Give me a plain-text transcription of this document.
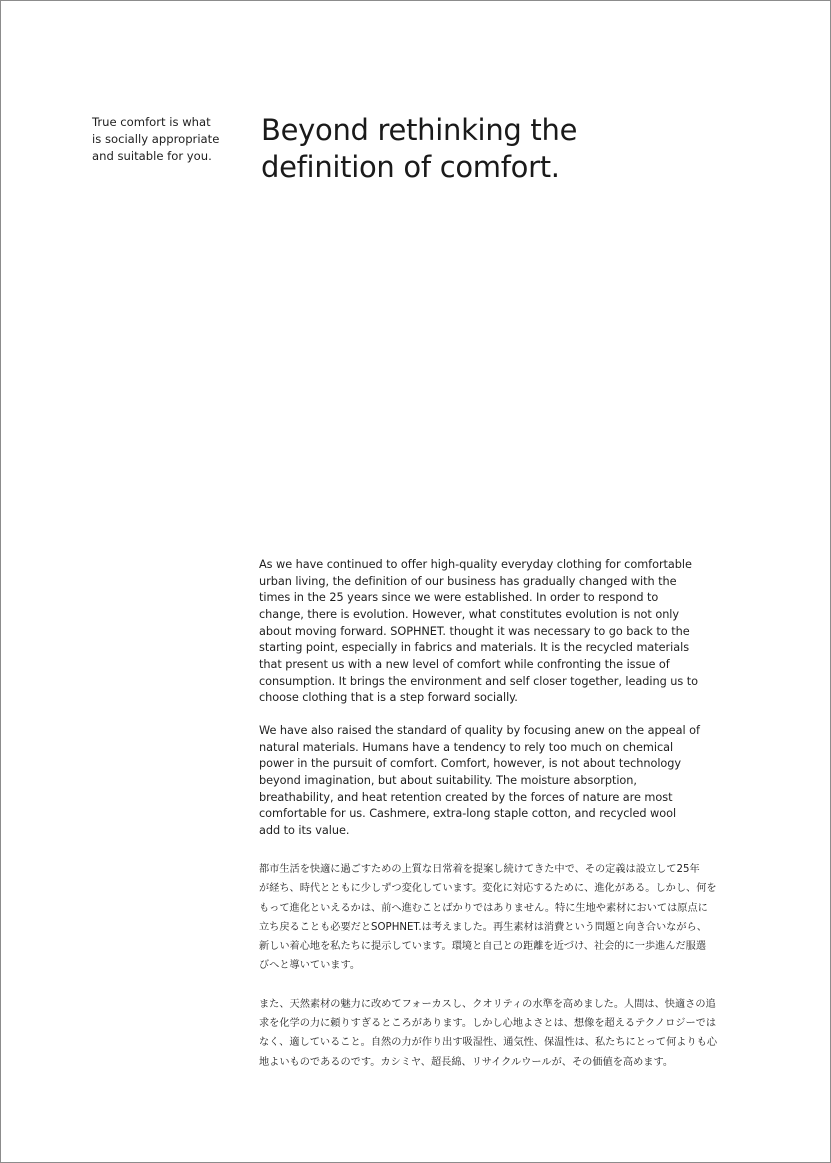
True comfort is what
is socially appropriate
and suitable for you.

Beyond rethinking the
definition of comfort.

As we have continued to offer high-quality everyday clothing for comfortable
urban living, the definition of our business has gradually changed with the
times in the 25 years since we were established. In order to respond to
change, there is evolution. However, what constitutes evolution is not only
about moving forward. SOPHNET. thought it was necessary to go back to the
starting point, especially in fabrics and materials. It is the recycled materials
that present us with a new level of comfort while confronting the issue of
consumption. It brings the environment and self closer together, leading us to
choose clothing that is a step forward socially.

We have also raised the standard of quality by focusing anew on the appeal of
natural materials. Humans have a tendency to rely too much on chemical
power in the pursuit of comfort. Comfort, however, is not about technology
beyond imagination, but about suitability. The moisture absorption,
breathability, and heat retention created by the forces of nature are most
comfortable for us. Cashmere, extra-long staple cotton, and recycled wool
add to its value.

都市生活を快適に過ごすための上質な日常着を提案し続けてきた中で、その定義は設立して25年
が経ち、時代とともに少しずつ変化しています。変化に対応するために、進化がある。しかし、何を
もって進化といえるかは、前へ進むことばかりではありません。特に生地や素材においては原点に
立ち戻ることも必要だとSOPHNET.は考えました。再生素材は消費という問題と向き合いながら、
新しい着心地を私たちに提示しています。環境と自己との距離を近づけ、社会的に一歩進んだ服選
びへと導いています。

また、天然素材の魅力に改めてフォーカスし、クオリティの水準を高めました。人間は、快適さの追
求を化学の力に頼りすぎるところがあります。しかし心地よさとは、想像を超えるテクノロジーでは
なく、適していること。自然の力が作り出す吸湿性、通気性、保温性は、私たちにとって何よりも心
地よいものであるのです。カシミヤ、超長綿、リサイクルウールが、その価値を高めます。
